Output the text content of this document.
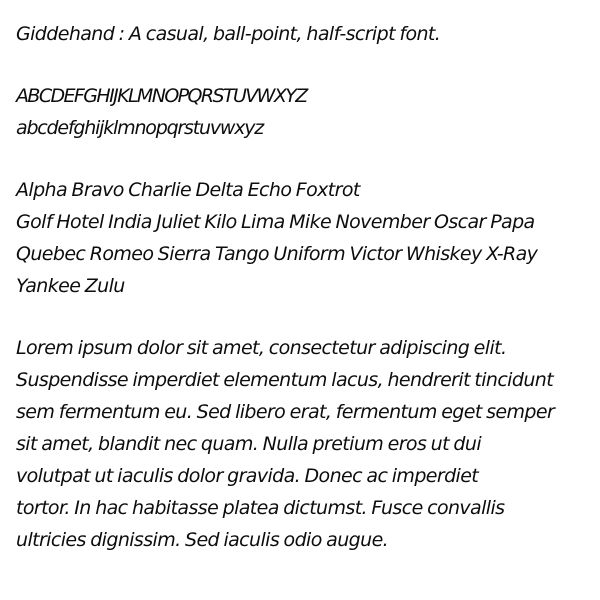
Giddehand : A casual, ball-point, half-script font.
ABCDEFGHIJKLMNOPQRSTUVWXYZ
abcdefghijklmnopqrstuvwxyz
Alpha Bravo Charlie Delta Echo Foxtrot
Golf Hotel India Juliet Kilo Lima Mike November Oscar Papa
Quebec Romeo Sierra Tango Uniform Victor Whiskey X-Ray
Yankee Zulu
Lorem ipsum dolor sit amet, consectetur adipiscing elit.
Suspendisse imperdiet elementum lacus, hendrerit tincidunt
sem fermentum eu. Sed libero erat, fermentum eget semper
sit amet, blandit nec quam. Nulla pretium eros ut dui
volutpat ut iaculis dolor gravida. Donec ac imperdiet
tortor. In hac habitasse platea dictumst. Fusce convallis
ultricies dignissim. Sed iaculis odio augue.
